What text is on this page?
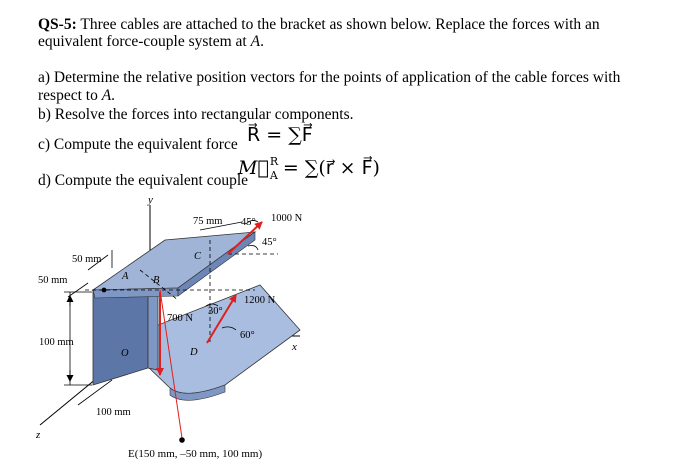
QS-5: Three cables are attached to the bracket as shown below. Replace the forces with an
equivalent force-couple system at A.
a) Determine the relative position vectors for the points of application of the cable forces with
respect to A.
b) Resolve the forces into rectangular components.
c) Compute the equivalent force R⃗ = ∑F⃗
d) Compute the equivalent couple
M⃗ R
A = ∑(r⃗ × F⃗)
y
x
z
75 mm
50 mm
50 mm
100 mm
100 mm
1000 N
1200 N
700 N
45°
45°
30°
60°
A B
C
D
O
E(150 mm, –50 mm, 100 mm)
